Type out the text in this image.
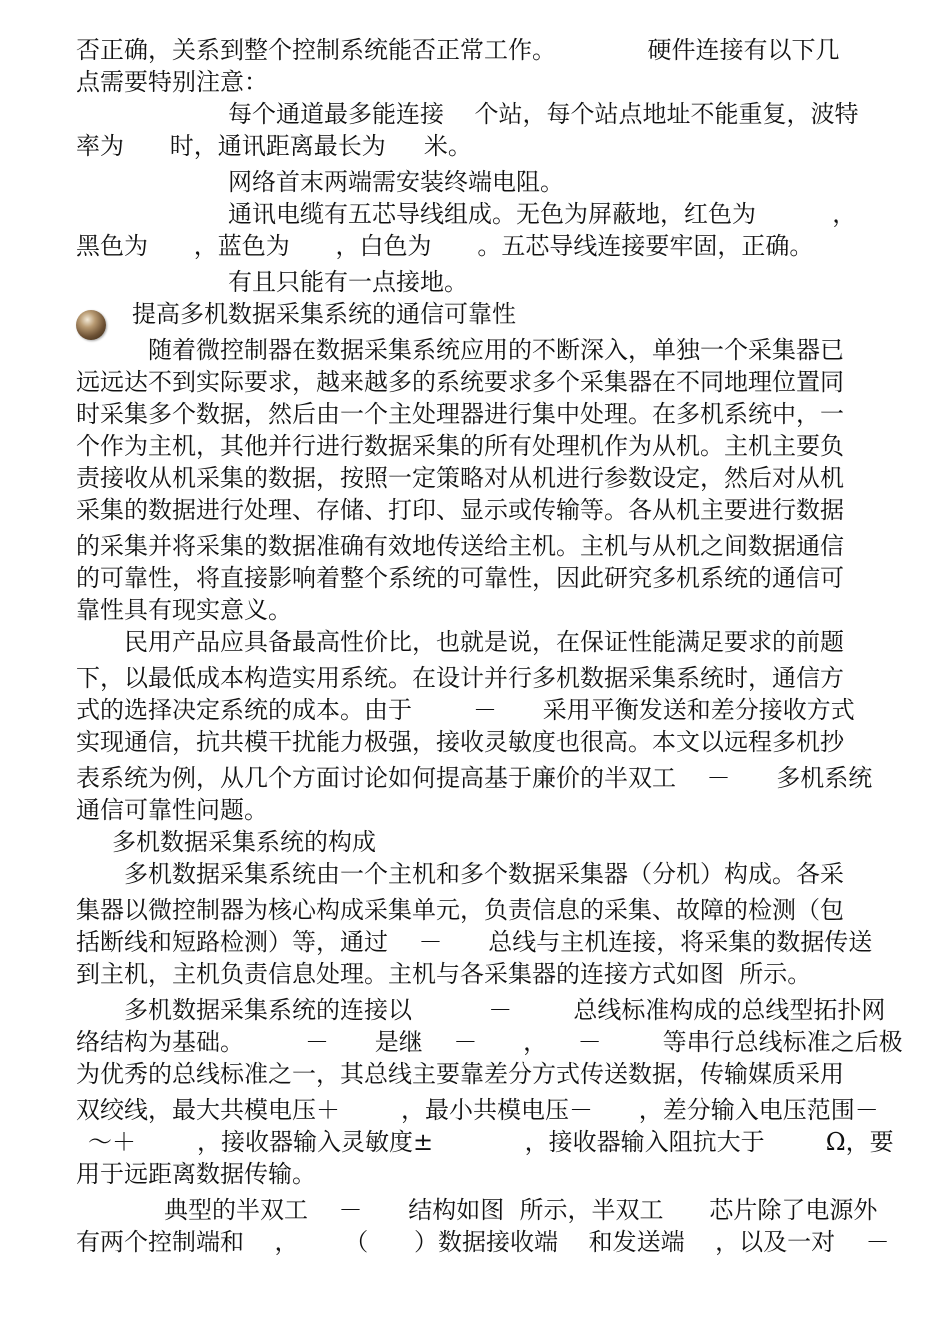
否正确，关系到整个控制系统能否正常工作。            硬件连接有以下几
点需要特别注意：
每个通道最多能连接    个站，每个站点地址不能重复，波特
率为      时，通讯距离最长为     米。
网络首末两端需安装终端电阻。
通讯电缆有五芯导线组成。无色为屏蔽地，红色为          ，
黑色为      ，蓝色为      ，白色为      。五芯导线连接要牢固，正确。
有且只能有一点接地。
提高多机数据采集系统的通信可靠性
随着微控制器在数据采集系统应用的不断深入，单独一个采集器已
远远达不到实际要求，越来越多的系统要求多个采集器在不同地理位置同
时采集多个数据，然后由一个主处理器进行集中处理。在多机系统中，一
个作为主机，其他并行进行数据采集的所有处理机作为从机。主机主要负
责接收从机采集的数据，按照一定策略对从机进行参数设定，然后对从机
采集的数据进行处理、存储、打印、显示或传输等。各从机主要进行数据
的采集并将采集的数据准确有效地传送给主机。主机与从机之间数据通信
的可靠性，将直接影响着整个系统的可靠性，因此研究多机系统的通信可
靠性具有现实意义。
民用产品应具备最高性价比，也就是说，在保证性能满足要求的前题
下，以最低成本构造实用系统。在设计并行多机数据采集系统时，通信方
式的选择决定系统的成本。由于        －      采用平衡发送和差分接收方式
实现通信，抗共模干扰能力极强，接收灵敏度也很高。本文以远程多机抄
表系统为例，从几个方面讨论如何提高基于廉价的半双工    －      多机系统
通信可靠性问题。
多机数据采集系统的构成
多机数据采集系统由一个主机和多个数据采集器（分机）构成。各采
集器以微控制器为核心构成采集单元，负责信息的采集、故障的检测（包
括断线和短路检测）等，通过    －      总线与主机连接，将采集的数据传送
到主机，主机负责信息处理。主机与各采集器的连接方式如图  所示。
多机数据采集系统的连接以          －        总线标准构成的总线型拓扑网
络结构为基础。        －      是继    －      ，    －        等串行总线标准之后极
为优秀的总线标准之一，其总线主要靠差分方式传送数据，传输媒质采用
双绞线，最大共模电压＋        ，最小共模电压－      ，差分输入电压范围－
～＋        ，接收器输入灵敏度±            ，接收器输入阻抗大于        Ω，要
用于远距离数据传输。
典型的半双工    －      结构如图  所示，半双工      芯片除了电源外
有两个控制端和    ，      （      ）数据接收端    和发送端    ，以及一对    －
